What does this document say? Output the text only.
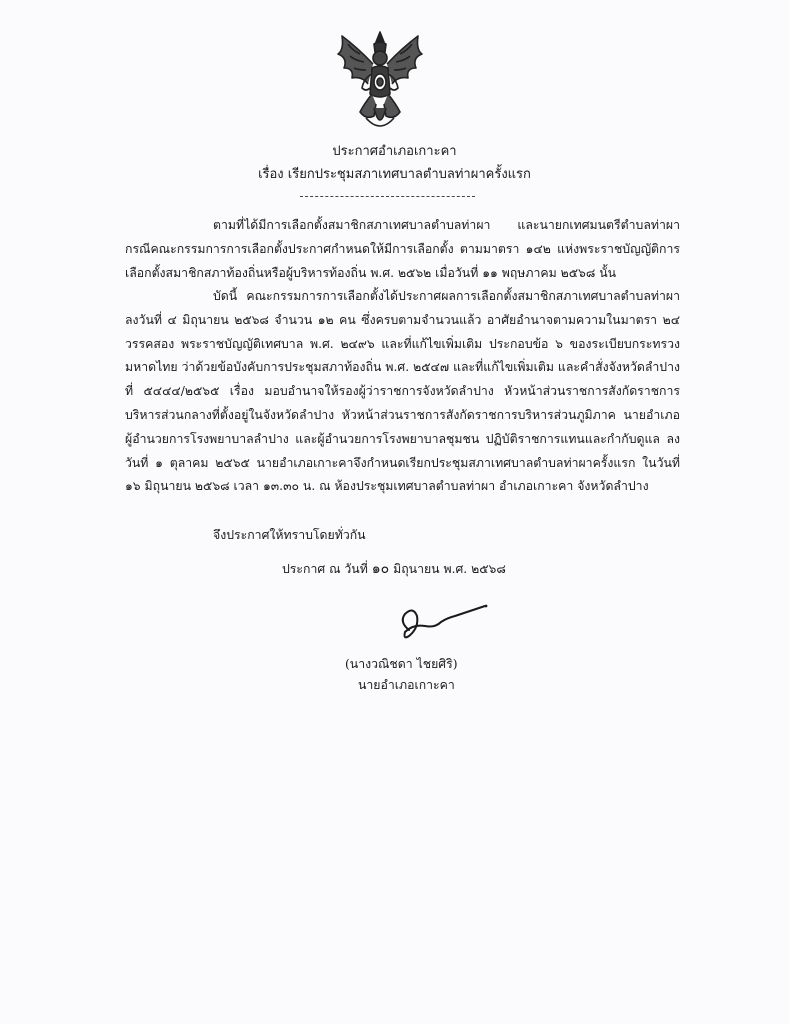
ประกาศอำเภอเกาะคา
เรื่อง เรียกประชุมสภาเทศบาลตำบลท่าผาครั้งแรก
ตามที่ได้มีการเลือกตั้งสมาชิกสภาเทศบาลตำบลท่าผา และนายกเทศมนตรีตำบลท่าผา กรณีคณะกรรมการการเลือกตั้งประกาศกำหนดให้มีการเลือกตั้ง ตามมาตรา ๑๔๒ แห่งพระราชบัญญัติการเลือกตั้งสมาชิกสภาท้องถิ่นหรือผู้บริหารท้องถิ่น พ.ศ. ๒๕๖๒ เมื่อวันที่ ๑๑ พฤษภาคม ๒๕๖๘ นั้น
บัดนี้ คณะกรรมการการเลือกตั้งได้ประกาศผลการเลือกตั้งสมาชิกสภาเทศบาลตำบลท่าผา ลงวันที่ ๔ มิถุนายน ๒๕๖๘ จำนวน ๑๒ คน ซึ่งครบตามจำนวนแล้ว อาศัยอำนาจตามความในมาตรา ๒๔ วรรคสอง พระราชบัญญัติเทศบาล พ.ศ. ๒๔๙๖ และที่แก้ไขเพิ่มเติม ประกอบข้อ ๖ ของระเบียบกระทรวงมหาดไทย ว่าด้วยข้อบังคับการประชุมสภาท้องถิ่น พ.ศ. ๒๕๔๗ และที่แก้ไขเพิ่มเติม และคำสั่งจังหวัดลำปาง ที่ ๕๔๔๔/๒๕๖๕ เรื่อง มอบอำนาจให้รองผู้ว่าราชการจังหวัดลำปาง หัวหน้าส่วนราชการสังกัดราชการบริหารส่วนกลางที่ตั้งอยู่ในจังหวัดลำปาง หัวหน้าส่วนราชการสังกัดราชการบริหารส่วนภูมิภาค นายอำเภอ ผู้อำนวยการโรงพยาบาลลำปาง และผู้อำนวยการโรงพยาบาลชุมชน ปฏิบัติราชการแทนและกำกับดูแล ลงวันที่ ๑ ตุลาคม ๒๕๖๕ นายอำเภอเกาะคาจึงกำหนดเรียกประชุมสภาเทศบาลตำบลท่าผาครั้งแรก ในวันที่ ๑๖ มิถุนายน ๒๕๖๘ เวลา ๑๓.๓๐ น. ณ ห้องประชุมเทศบาลตำบลท่าผา อำเภอเกาะคา จังหวัดลำปาง
จึงประกาศให้ทราบโดยทั่วกัน
ประกาศ ณ วันที่ ๑๐ มิถุนายน พ.ศ. ๒๕๖๘
(นางวณิชดา ไชยศิริ)
นายอำเภอเกาะคา
